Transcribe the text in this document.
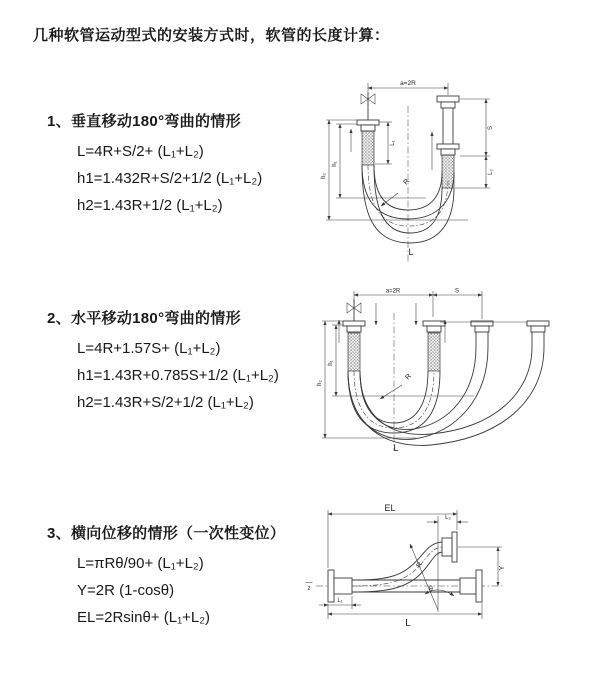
几种软管运动型式的安装方式时，软管的长度计算：
1、垂直移动180°弯曲的情形
L=4R+S/2+ (L₁+L₂)
h1=1.432R+S/2+1/2 (L₁+L₂)
h2=1.43R+1/2 (L₁+L₂)
2、水平移动180°弯曲的情形
L=4R+1.57S+ (L₁+L₂)
h1=1.43R+0.785S+1/2 (L₁+L₂)
h2=1.43R+S/2+1/2 (L₁+L₂)
3、横向位移的情形（一次性变位）
L=πRθ/90+ (L₁+L₂)
Y=2R (1-cosθ)
EL=2Rsinθ+ (L₁+L₂)
a=2R
L₁
S
L₂
h₁
h₂
R
L
a=2R	S
h₁
h₂
R
L
EL
L₂
Y
L₁
L
R
θ
z
